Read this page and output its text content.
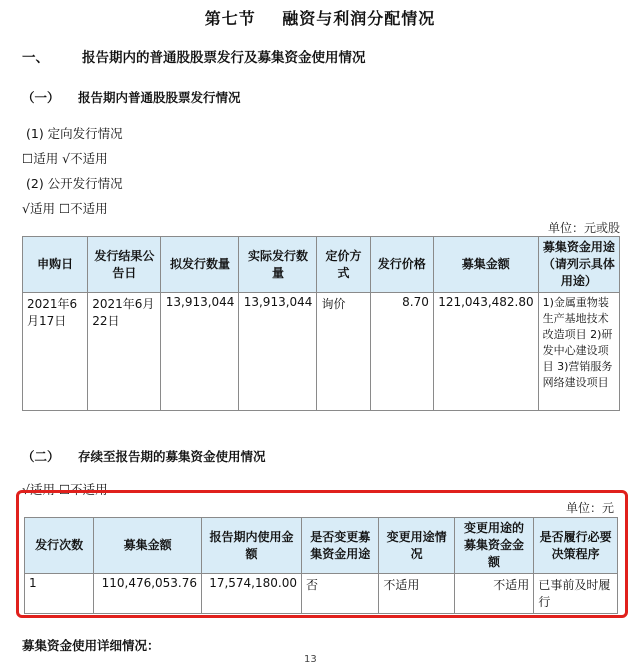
第七节 融资与利润分配情况
一、 报告期内的普通股股票发行及募集资金使用情况
（一） 报告期内普通股股票发行情况
(1) 定向发行情况
☐适用 √不适用
(2) 公开发行情况
√适用 ☐不适用
单位：元或股
申购日	发行结果公告日	拟发行数量	实际发行数量	定价方式	发行价格	募集金额	募集资金用途（请列示具体用途）
2021年6月17日	2021年6月22日	13,913,044	13,913,044	询价	8.70	121,043,482.80	1)金属重物装生产基地技术改造项目 2)研发中心建设项目 3)营销服务网络建设项目
（二） 存续至报告期的募集资金使用情况
√适用 ☐不适用
单位：元
发行次数	募集金额	报告期内使用金额	是否变更募集资金用途	变更用途情况	变更用途的募集资金金额	是否履行必要决策程序
1	110,476,053.76	17,574,180.00	否	不适用	不适用	已事前及时履行
募集资金使用详细情况：
13
